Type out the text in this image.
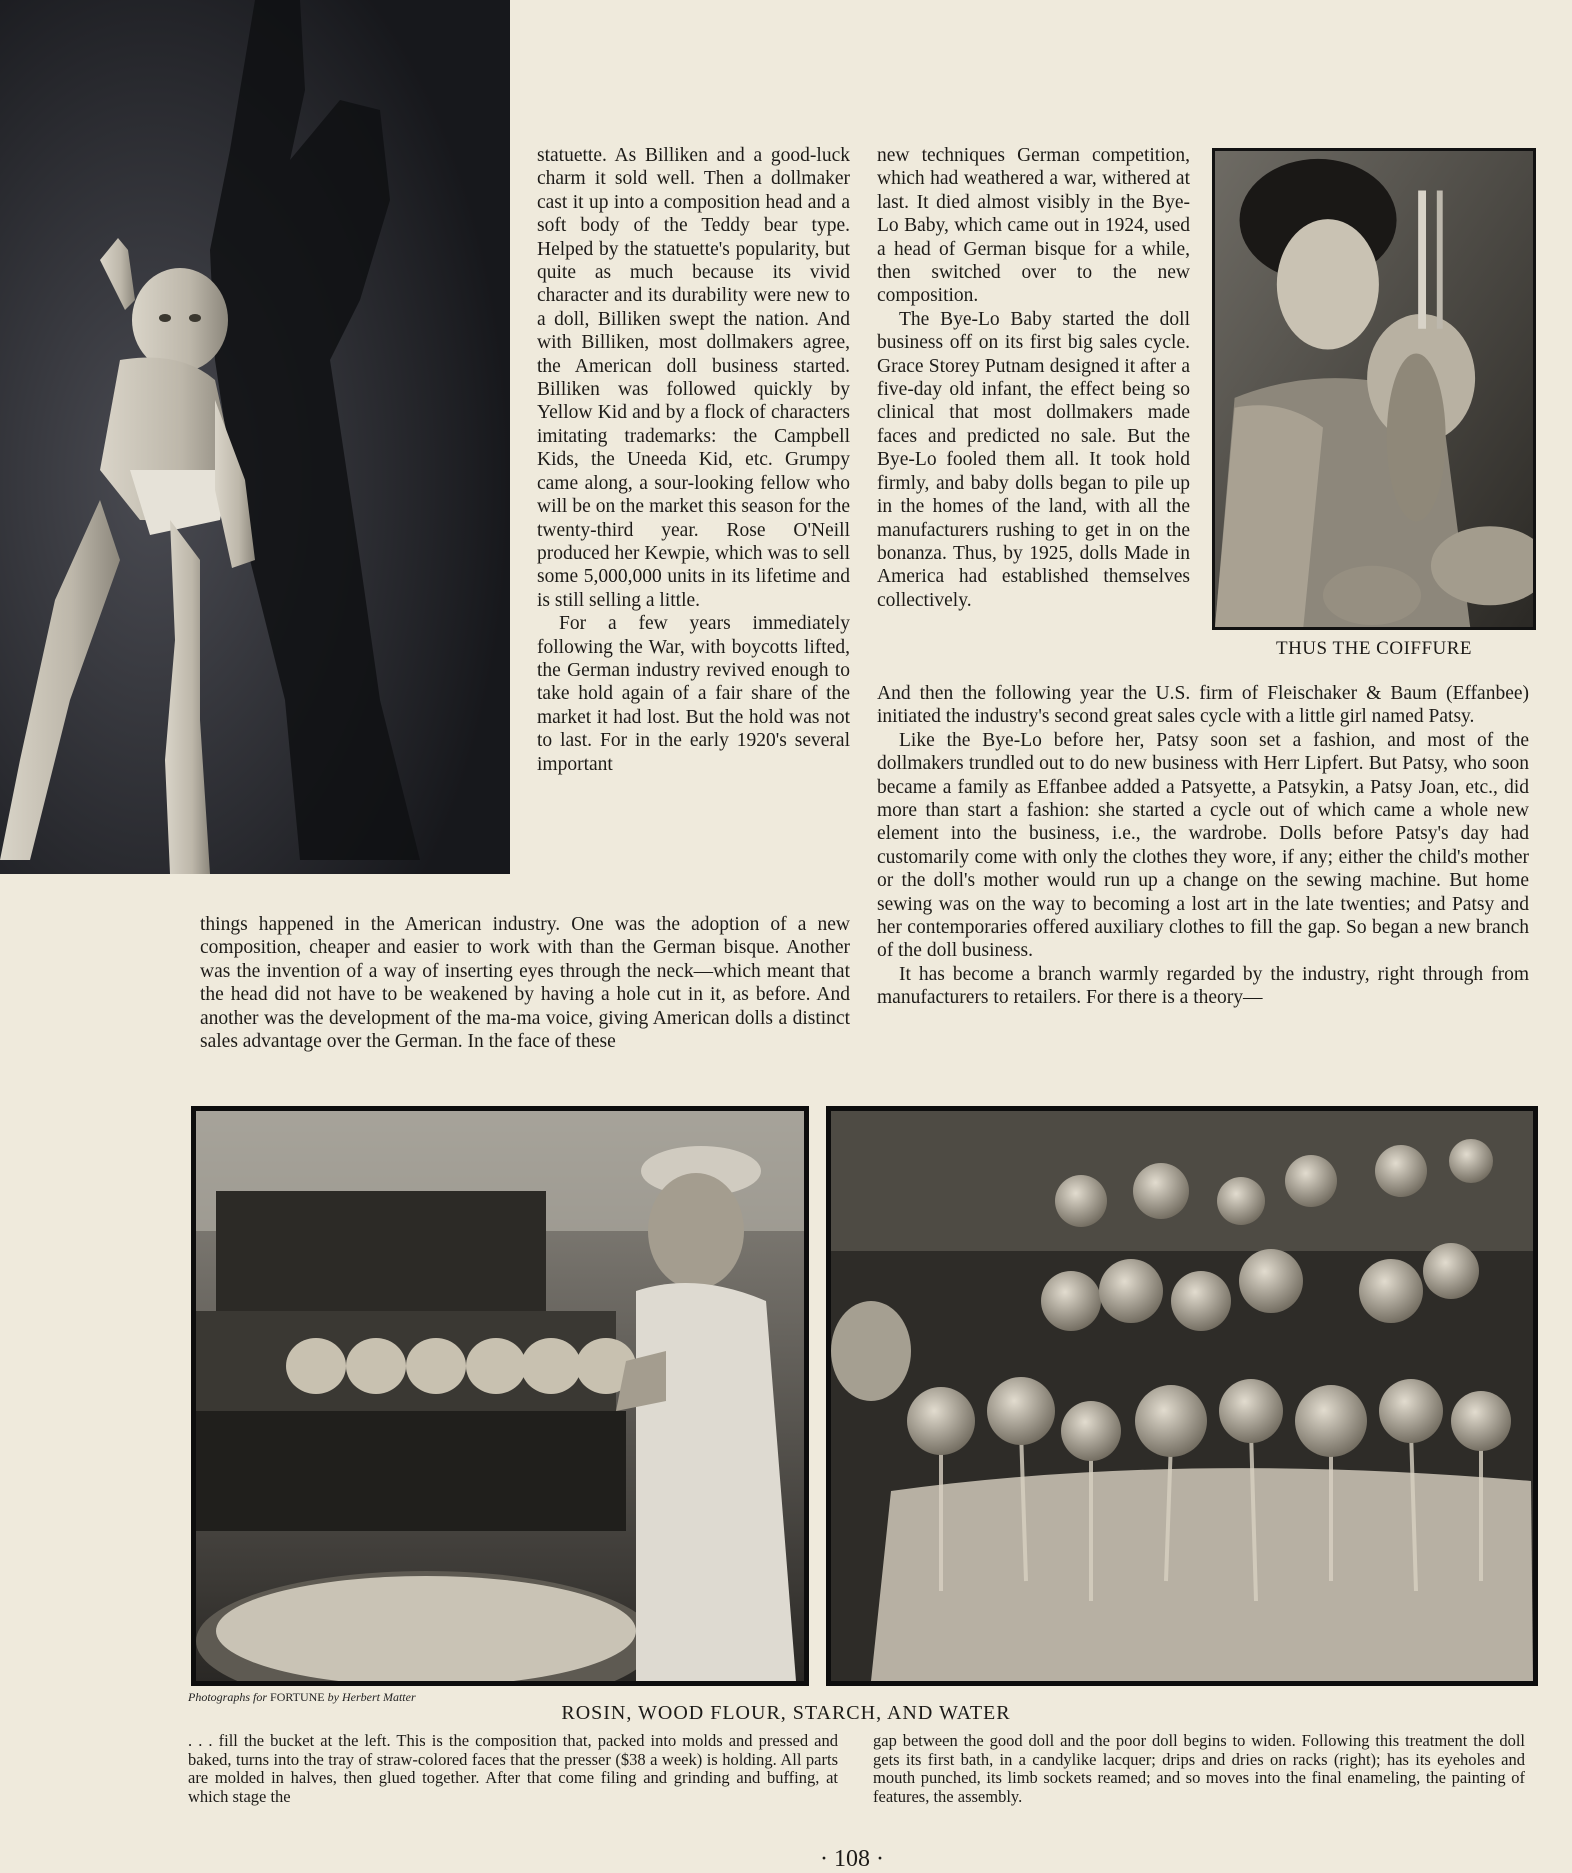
THUS THE COIFFURE

statuette. As Billiken and a good-luck charm it sold well. Then a dollmaker cast it up into a composition head and a soft body of the Teddy bear type. Helped by the statuette's popularity, but quite as much because its vivid character and its durability were new to a doll, Billiken swept the nation. And with Billiken, most dollmakers agree, the American doll business started. Billiken was followed quickly by Yellow Kid and by a flock of characters imitating trademarks: the Campbell Kids, the Uneeda Kid, etc. Grumpy came along, a sour-looking fellow who will be on the market this season for the twenty-third year. Rose O'Neill produced her Kewpie, which was to sell some 5,000,000 units in its lifetime and is still selling a little.

For a few years immediately following the War, with boycotts lifted, the German industry revived enough to take hold again of a fair share of the market it had lost. But the hold was not to last. For in the early 1920's several important

things happened in the American industry. One was the adoption of a new composition, cheaper and easier to work with than the German bisque. Another was the invention of a way of inserting eyes through the neck—which meant that the head did not have to be weakened by having a hole cut in it, as before. And another was the development of the ma-ma voice, giving American dolls a distinct sales advantage over the German. In the face of these

new techniques German competition, which had weathered a war, withered at last. It died almost visibly in the Bye-Lo Baby, which came out in 1924, used a head of German bisque for a while, then switched over to the new composition.

The Bye-Lo Baby started the doll business off on its first big sales cycle. Grace Storey Putnam designed it after a five-day old infant, the effect being so clinical that most dollmakers made faces and predicted no sale. But the Bye-Lo fooled them all. It took hold firmly, and baby dolls began to pile up in the homes of the land, with all the manufacturers rushing to get in on the bonanza. Thus, by 1925, dolls Made in America had established themselves collectively.

And then the following year the U.S. firm of Fleischaker & Baum (Effanbee) initiated the industry's second great sales cycle with a little girl named Patsy.

Like the Bye-Lo before her, Patsy soon set a fashion, and most of the dollmakers trundled out to do new business with Herr Lipfert. But Patsy, who soon became a family as Effanbee added a Patsyette, a Patsykin, a Patsy Joan, etc., did more than start a fashion: she started a cycle out of which came a whole new element into the business, i.e., the wardrobe. Dolls before Patsy's day had customarily come with only the clothes they wore, if any; either the child's mother or the doll's mother would run up a change on the sewing machine. But home sewing was on the way to becoming a lost art in the late twenties; and Patsy and her contemporaries offered auxiliary clothes to fill the gap. So began a new branch of the doll business.

It has become a branch warmly regarded by the industry, right through from manufacturers to retailers. For there is a theory—

Photographs for FORTUNE by Herbert Matter
ROSIN, WOOD FLOUR, STARCH, AND WATER
. . . fill the bucket at the left. This is the composition that, packed into molds and pressed and baked, turns into the tray of straw-colored faces that the presser ($38 a week) is holding. All parts are molded in halves, then glued together. After that come filing and grinding and buffing, at which stage the
gap between the good doll and the poor doll begins to widen. Following this treatment the doll gets its first bath, in a candylike lacquer; drips and dries on racks (right); has its eyeholes and mouth punched, its limb sockets reamed; and so moves into the final enameling, the painting of features, the assembly.
· 108 ·
